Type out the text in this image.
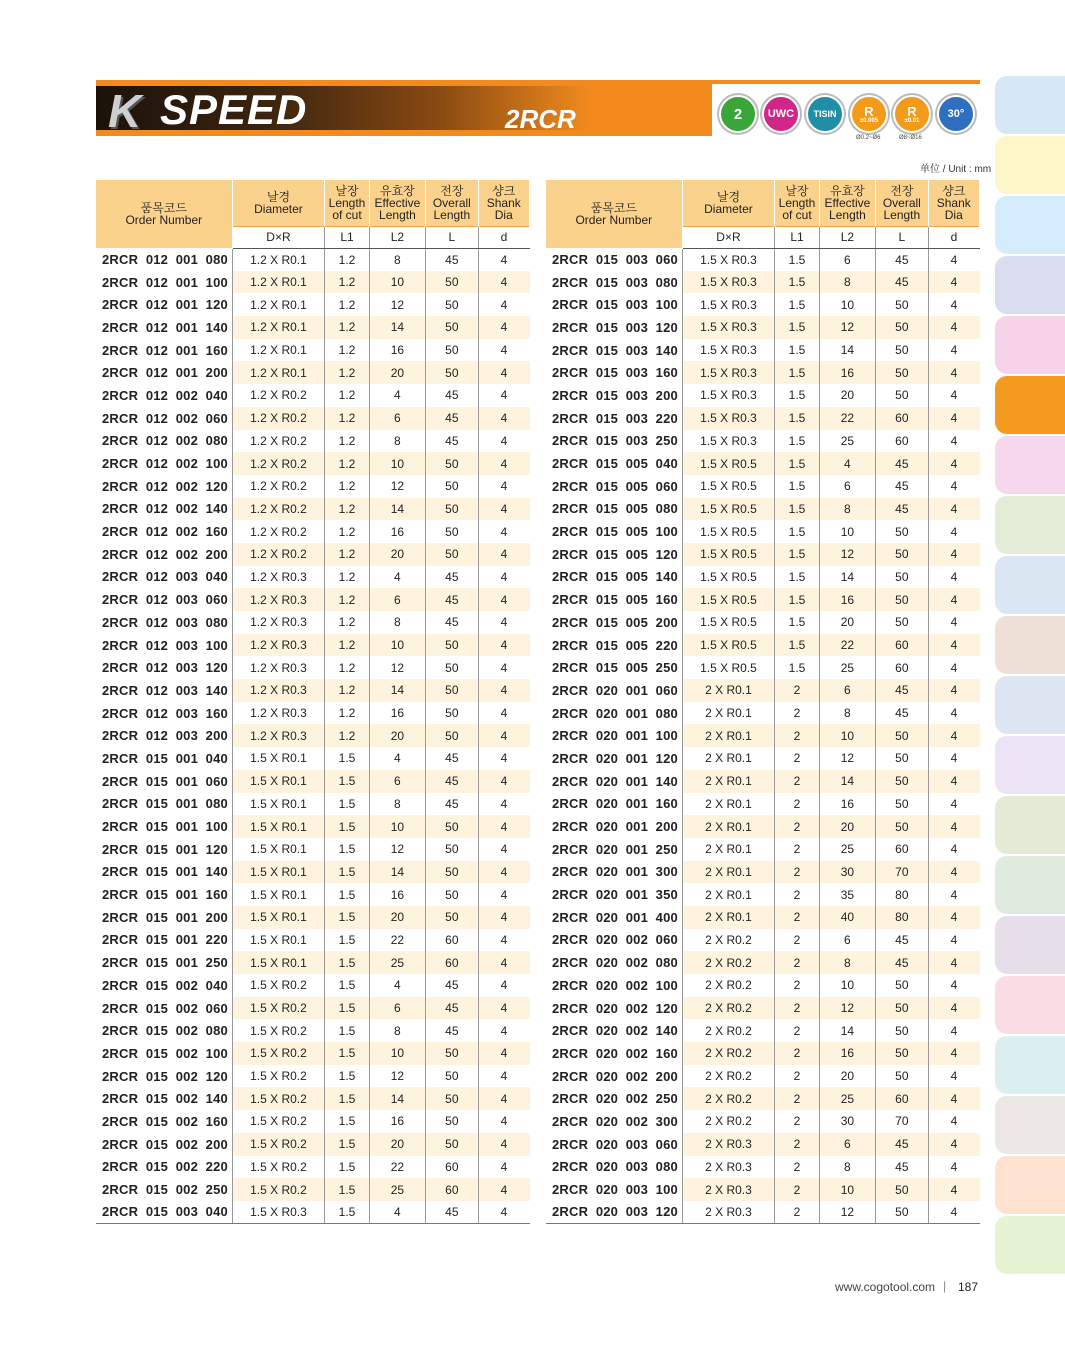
K SPEED	2RCR	2	UWC	TISIN	R
±0.005
Ø0.2~Ø6
R
±0.01
Ø8~Ø16
30°
单位 / Unit : mm
품목코드
Order Number	날경
Diameter	날장
Length
of cut	유효장
Effective
Length	전장
Overall
Length	샹크
Shank
Dia
	D×R	L1	L2	L	d
2RCR  012  001  080	1.2 X R0.1	1.2	8	45	4
2RCR  012  001  100	1.2 X R0.1	1.2	10	50	4
2RCR  012  001  120	1.2 X R0.1	1.2	12	50	4
2RCR  012  001  140	1.2 X R0.1	1.2	14	50	4
2RCR  012  001  160	1.2 X R0.1	1.2	16	50	4
2RCR  012  001  200	1.2 X R0.1	1.2	20	50	4
2RCR  012  002  040	1.2 X R0.2	1.2	4	45	4
2RCR  012  002  060	1.2 X R0.2	1.2	6	45	4
2RCR  012  002  080	1.2 X R0.2	1.2	8	45	4
2RCR  012  002  100	1.2 X R0.2	1.2	10	50	4
2RCR  012  002  120	1.2 X R0.2	1.2	12	50	4
2RCR  012  002  140	1.2 X R0.2	1.2	14	50	4
2RCR  012  002  160	1.2 X R0.2	1.2	16	50	4
2RCR  012  002  200	1.2 X R0.2	1.2	20	50	4
2RCR  012  003  040	1.2 X R0.3	1.2	4	45	4
2RCR  012  003  060	1.2 X R0.3	1.2	6	45	4
2RCR  012  003  080	1.2 X R0.3	1.2	8	45	4
2RCR  012  003  100	1.2 X R0.3	1.2	10	50	4
2RCR  012  003  120	1.2 X R0.3	1.2	12	50	4
2RCR  012  003  140	1.2 X R0.3	1.2	14	50	4
2RCR  012  003  160	1.2 X R0.3	1.2	16	50	4
2RCR  012  003  200	1.2 X R0.3	1.2	20	50	4
2RCR  015  001  040	1.5 X R0.1	1.5	4	45	4
2RCR  015  001  060	1.5 X R0.1	1.5	6	45	4
2RCR  015  001  080	1.5 X R0.1	1.5	8	45	4
2RCR  015  001  100	1.5 X R0.1	1.5	10	50	4
2RCR  015  001  120	1.5 X R0.1	1.5	12	50	4
2RCR  015  001  140	1.5 X R0.1	1.5	14	50	4
2RCR  015  001  160	1.5 X R0.1	1.5	16	50	4
2RCR  015  001  200	1.5 X R0.1	1.5	20	50	4
2RCR  015  001  220	1.5 X R0.1	1.5	22	60	4
2RCR  015  001  250	1.5 X R0.1	1.5	25	60	4
2RCR  015  002  040	1.5 X R0.2	1.5	4	45	4
2RCR  015  002  060	1.5 X R0.2	1.5	6	45	4
2RCR  015  002  080	1.5 X R0.2	1.5	8	45	4
2RCR  015  002  100	1.5 X R0.2	1.5	10	50	4
2RCR  015  002  120	1.5 X R0.2	1.5	12	50	4
2RCR  015  002  140	1.5 X R0.2	1.5	14	50	4
2RCR  015  002  160	1.5 X R0.2	1.5	16	50	4
2RCR  015  002  200	1.5 X R0.2	1.5	20	50	4
2RCR  015  002  220	1.5 X R0.2	1.5	22	60	4
2RCR  015  002  250	1.5 X R0.2	1.5	25	60	4
2RCR  015  003  040	1.5 X R0.3	1.5	4	45	4
품목코드
Order Number	날경
Diameter	날장
Length
of cut	유효장
Effective
Length	전장
Overall
Length	샹크
Shank
Dia
	D×R	L1	L2	L	d
2RCR  015  003  060	1.5 X R0.3	1.5	6	45	4
2RCR  015  003  080	1.5 X R0.3	1.5	8	45	4
2RCR  015  003  100	1.5 X R0.3	1.5	10	50	4
2RCR  015  003  120	1.5 X R0.3	1.5	12	50	4
2RCR  015  003  140	1.5 X R0.3	1.5	14	50	4
2RCR  015  003  160	1.5 X R0.3	1.5	16	50	4
2RCR  015  003  200	1.5 X R0.3	1.5	20	50	4
2RCR  015  003  220	1.5 X R0.3	1.5	22	60	4
2RCR  015  003  250	1.5 X R0.3	1.5	25	60	4
2RCR  015  005  040	1.5 X R0.5	1.5	4	45	4
2RCR  015  005  060	1.5 X R0.5	1.5	6	45	4
2RCR  015  005  080	1.5 X R0.5	1.5	8	45	4
2RCR  015  005  100	1.5 X R0.5	1.5	10	50	4
2RCR  015  005  120	1.5 X R0.5	1.5	12	50	4
2RCR  015  005  140	1.5 X R0.5	1.5	14	50	4
2RCR  015  005  160	1.5 X R0.5	1.5	16	50	4
2RCR  015  005  200	1.5 X R0.5	1.5	20	50	4
2RCR  015  005  220	1.5 X R0.5	1.5	22	60	4
2RCR  015  005  250	1.5 X R0.5	1.5	25	60	4
2RCR  020  001  060	2 X R0.1	2	6	45	4
2RCR  020  001  080	2 X R0.1	2	8	45	4
2RCR  020  001  100	2 X R0.1	2	10	50	4
2RCR  020  001  120	2 X R0.1	2	12	50	4
2RCR  020  001  140	2 X R0.1	2	14	50	4
2RCR  020  001  160	2 X R0.1	2	16	50	4
2RCR  020  001  200	2 X R0.1	2	20	50	4
2RCR  020  001  250	2 X R0.1	2	25	60	4
2RCR  020  001  300	2 X R0.1	2	30	70	4
2RCR  020  001  350	2 X R0.1	2	35	80	4
2RCR  020  001  400	2 X R0.1	2	40	80	4
2RCR  020  002  060	2 X R0.2	2	6	45	4
2RCR  020  002  080	2 X R0.2	2	8	45	4
2RCR  020  002  100	2 X R0.2	2	10	50	4
2RCR  020  002  120	2 X R0.2	2	12	50	4
2RCR  020  002  140	2 X R0.2	2	14	50	4
2RCR  020  002  160	2 X R0.2	2	16	50	4
2RCR  020  002  200	2 X R0.2	2	20	50	4
2RCR  020  002  250	2 X R0.2	2	25	60	4
2RCR  020  002  300	2 X R0.2	2	30	70	4
2RCR  020  003  060	2 X R0.3	2	6	45	4
2RCR  020  003  080	2 X R0.3	2	8	45	4
2RCR  020  003  100	2 X R0.3	2	10	50	4
2RCR  020  003  120	2 X R0.3	2	12	50	4
www.cogotool.com | 187
